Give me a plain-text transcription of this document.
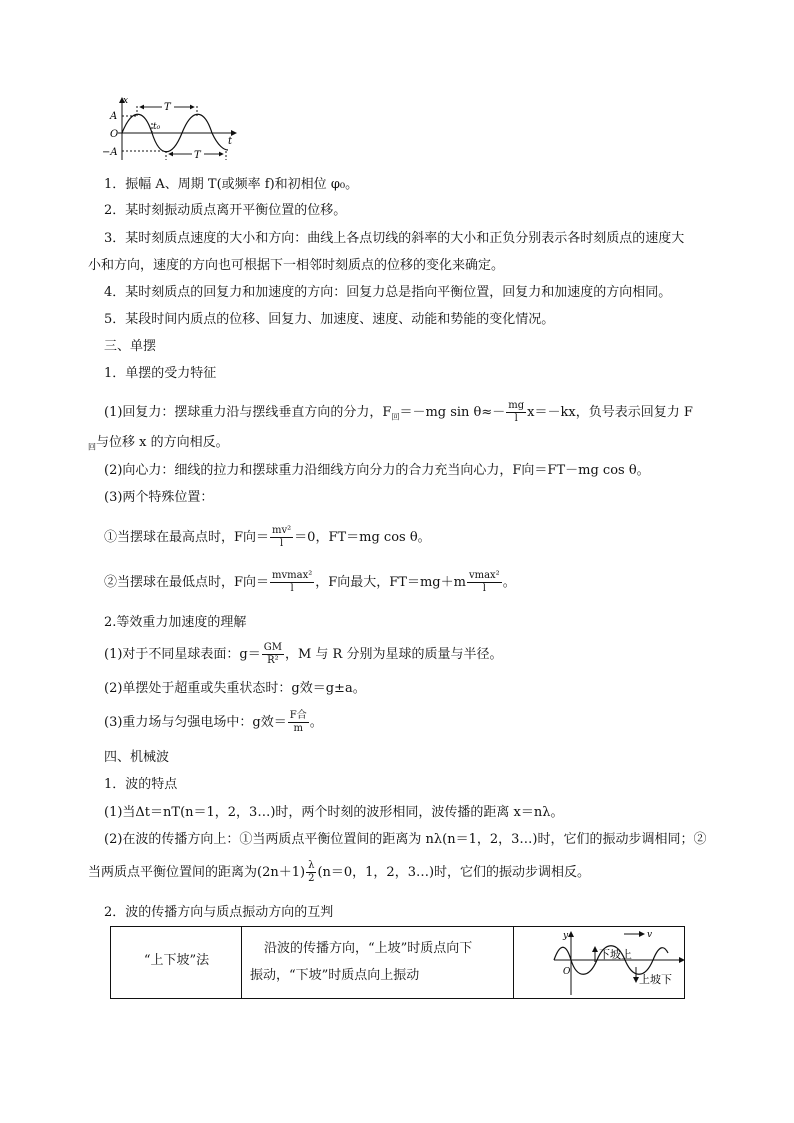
x
A
O
−A
T
t₀
T
t
1．振幅 A、周期 T(或频率 f)和初相位 φ₀。
2．某时刻振动质点离开平衡位置的位移。
3．某时刻质点速度的大小和方向：曲线上各点切线的斜率的大小和正负分别表示各时刻质点的速度大
小和方向，速度的方向也可根据下一相邻时刻质点的位移的变化来确定。
4．某时刻质点的回复力和加速度的方向：回复力总是指向平衡位置，回复力和加速度的方向相同。
5．某段时间内质点的位移、回复力、加速度、速度、动能和势能的变化情况。
三、单摆
1．单摆的受力特征
(1)回复力：摆球重力沿与摆线垂直方向的分力，$F_回=-mg$ $\sin \theta\approx- \frac{mg}{l} x=-kx$，负号表示回复力 F
$_回$与位移 x 的方向相反。
(2)向心力：细线的拉力和摆球重力沿细线方向分力的合力充当向心力，F向＝FT－mg cos θ。
(3)两个特殊位置：
①当摆球在最高点时，F向＝ $\frac{\text{mv²}}{l} =0$，FT＝mg cos θ。
②当摆球在最低点时，F向＝ $\frac{\text{mvmax²}}{l}$ ，F向最大，$FT=mg+m \frac{\text{vmax²}}{l}$ 。
2.等效重力加速度的理解
(1)对于不同星球表面：$g= \frac{GM}{\text{R²}}$ ，M 与 R 分别为星球的质量与半径。
(2)单摆处于超重或失重状态时：g效＝g±a。
(3)重力场与匀强电场中：g效＝ $\frac{\text{F合}}{m}$ 。
四、机械波
1．波的特点
(1)当Δt＝nT(n＝1，2，3…)时，两个时刻的波形相同，波传播的距离 x＝nλ。
(2)在波的传播方向上：①当两质点平衡位置间的距离为 nλ(n＝1，2，3…)时，它们的振动步调相同；②
当两质点平衡位置间的距离为$(2n+1) \frac{\lambda}{2} (n=0$，1，2，3…)时，它们的振动步调相反。
2．波的传播方向与质点振动方向的互判
“上下坡”法
沿波的传播方向，“上坡”时质点向下
振动，“下坡”时质点向上振动
y	v
O
下坡上
上坡下
